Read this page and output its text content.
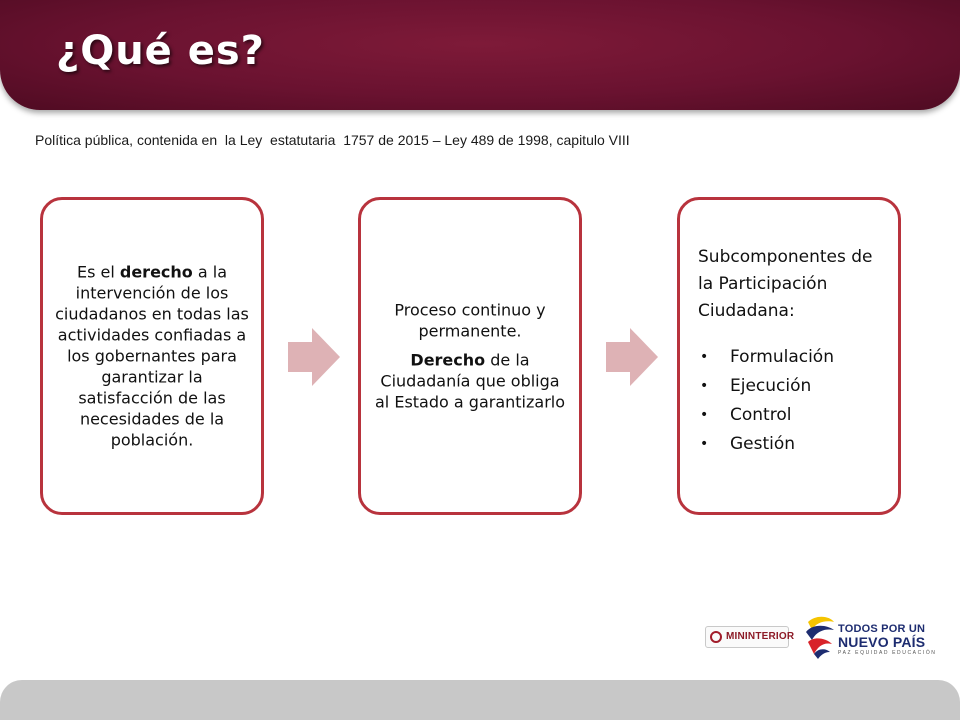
¿Qué es?
Política pública, contenida en  la Ley  estatutaria  1757 de 2015 – Ley 489 de 1998, capitulo VIII

Es el derecho a la intervención de los ciudadanos en todas las actividades confiadas a los gobernantes para garantizar la satisfacción de las necesidades de la población.

Proceso continuo y permanente.

Derecho de la Ciudadanía que obliga al Estado a garantizarlo

Subcomponentes de la Participación Ciudadana:
• Formulación
• Ejecución
• Control
• Gestión
MININTERIOR
TODOS POR UN
NUEVO PAÍS
PAZ EQUIDAD EDUCACIÓN
